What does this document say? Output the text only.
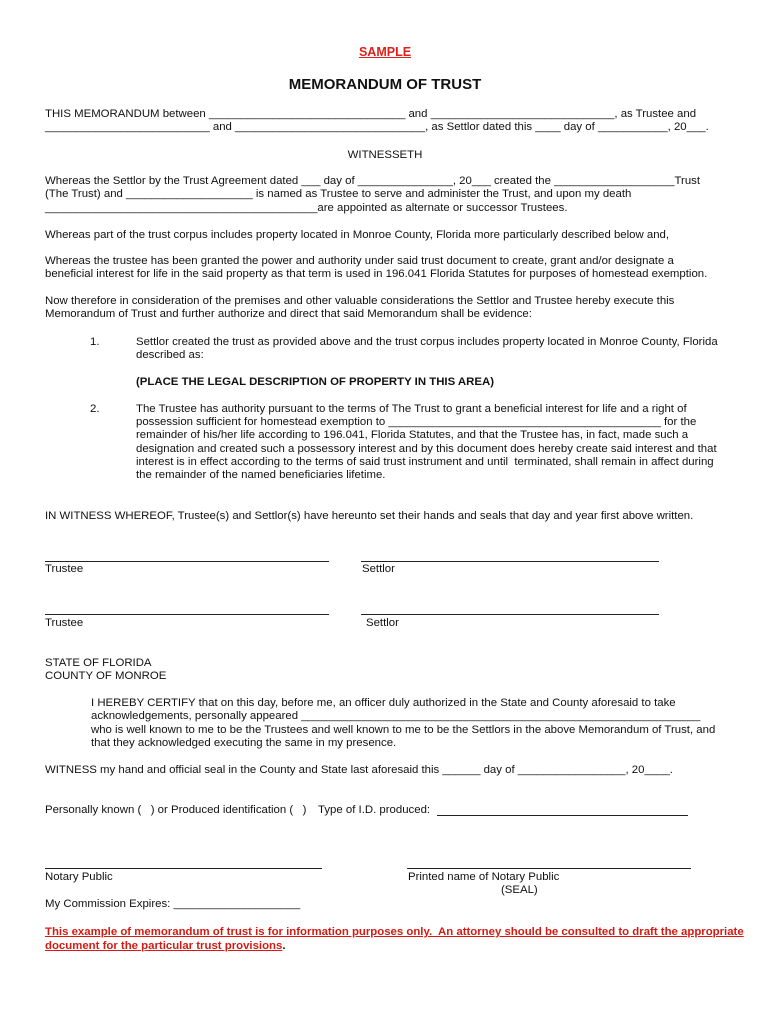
SAMPLE
MEMORANDUM OF TRUST
THIS MEMORANDUM between _______________________________ and _____________________________, as Trustee and
__________________________ and ______________________________, as Settlor dated this ____ day of ___________, 20___.
WITNESSETH
Whereas the Settlor by the Trust Agreement dated ___ day of _______________, 20___ created the ___________________Trust
(The Trust) and ____________________ is named as Trustee to serve and administer the Trust, and upon my death
___________________________________________are appointed as alternate or successor Trustees.
Whereas part of the trust corpus includes property located in Monroe County, Florida more particularly described below and,
Whereas the trustee has been granted the power and authority under said trust document to create, grant and/or designate a
beneficial interest for life in the said property as that term is used in 196.041 Florida Statutes for purposes of homestead exemption.
Now therefore in consideration of the premises and other valuable considerations the Settlor and Trustee hereby execute this
Memorandum of Trust and further authorize and direct that said Memorandum shall be evidence:
1.	Settlor created the trust as provided above and the trust corpus includes property located in Monroe County, Florida
described as:
(PLACE THE LEGAL DESCRIPTION OF PROPERTY IN THIS AREA)
2.	The Trustee has authority pursuant to the terms of The Trust to grant a beneficial interest for life and a right of
possession sufficient for homestead exemption to ___________________________________________ for the
remainder of his/her life according to 196.041, Florida Statutes, and that the Trustee has, in fact, made such a
designation and created such a possessory interest and by this document does hereby create said interest and that
interest is in effect according to the terms of said trust instrument and until  terminated, shall remain in affect during
the remainder of the named beneficiaries lifetime.
IN WITNESS WHEREOF, Trustee(s) and Settlor(s) have hereunto set their hands and seals that day and year first above written.
Trustee	Settlor
Trustee	Settlor
STATE OF FLORIDA
COUNTY OF MONROE
I HEREBY CERTIFY that on this day, before me, an officer duly authorized in the State and County aforesaid to take
acknowledgements, personally appeared _______________________________________________________________
who is well known to me to be the Trustees and well known to me to be the Settlors in the above Memorandum of Trust, and
that they acknowledged executing the same in my presence.
WITNESS my hand and official seal in the County and State last aforesaid this ______ day of _________________, 20____.
Personally known (   ) or Produced identification (   ) Type of I.D. produced:
Notary Public	Printed name of Notary Public
(SEAL)
My Commission Expires: ____________________
This example of memorandum of trust is for information purposes only.  An attorney should be consulted to draft the appropriate
document for the particular trust provisions.
